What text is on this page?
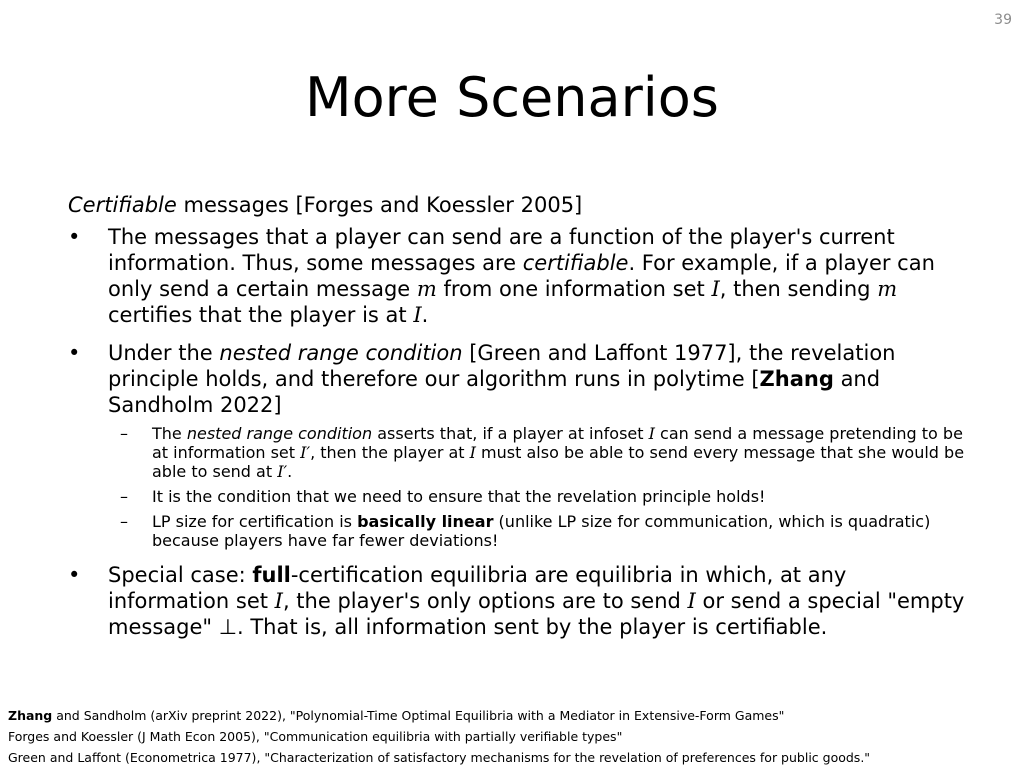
39
More Scenarios

Certifiable messages [Forges and Koessler 2005]

• The messages that a player can send are a function of the player's current information. Thus, some messages are certifiable. For example, if a player can only send a certain message m from one information set I, then sending m certifies that the player is at I.
• Under the nested range condition [Green and Laffont 1977], the revelation principle holds, and therefore our algorithm runs in polytime [Zhang and Sandholm 2022]
– The nested range condition asserts that, if a player at infoset I can send a message pretending to be at information set I′, then the player at I must also be able to send every message that she would be able to send at I′.
– It is the condition that we need to ensure that the revelation principle holds!
– LP size for certification is basically linear (unlike LP size for communication, which is quadratic) because players have far fewer deviations!
• Special case: full-certification equilibria are equilibria in which, at any information set I, the player's only options are to send I or send a special "empty message" ⊥. That is, all information sent by the player is certifiable.
Zhang and Sandholm (arXiv preprint 2022), "Polynomial-Time Optimal Equilibria with a Mediator in Extensive-Form Games"
Forges and Koessler (J Math Econ 2005), "Communication equilibria with partially verifiable types"
Green and Laffont (Econometrica 1977), "Characterization of satisfactory mechanisms for the revelation of preferences for public goods."
